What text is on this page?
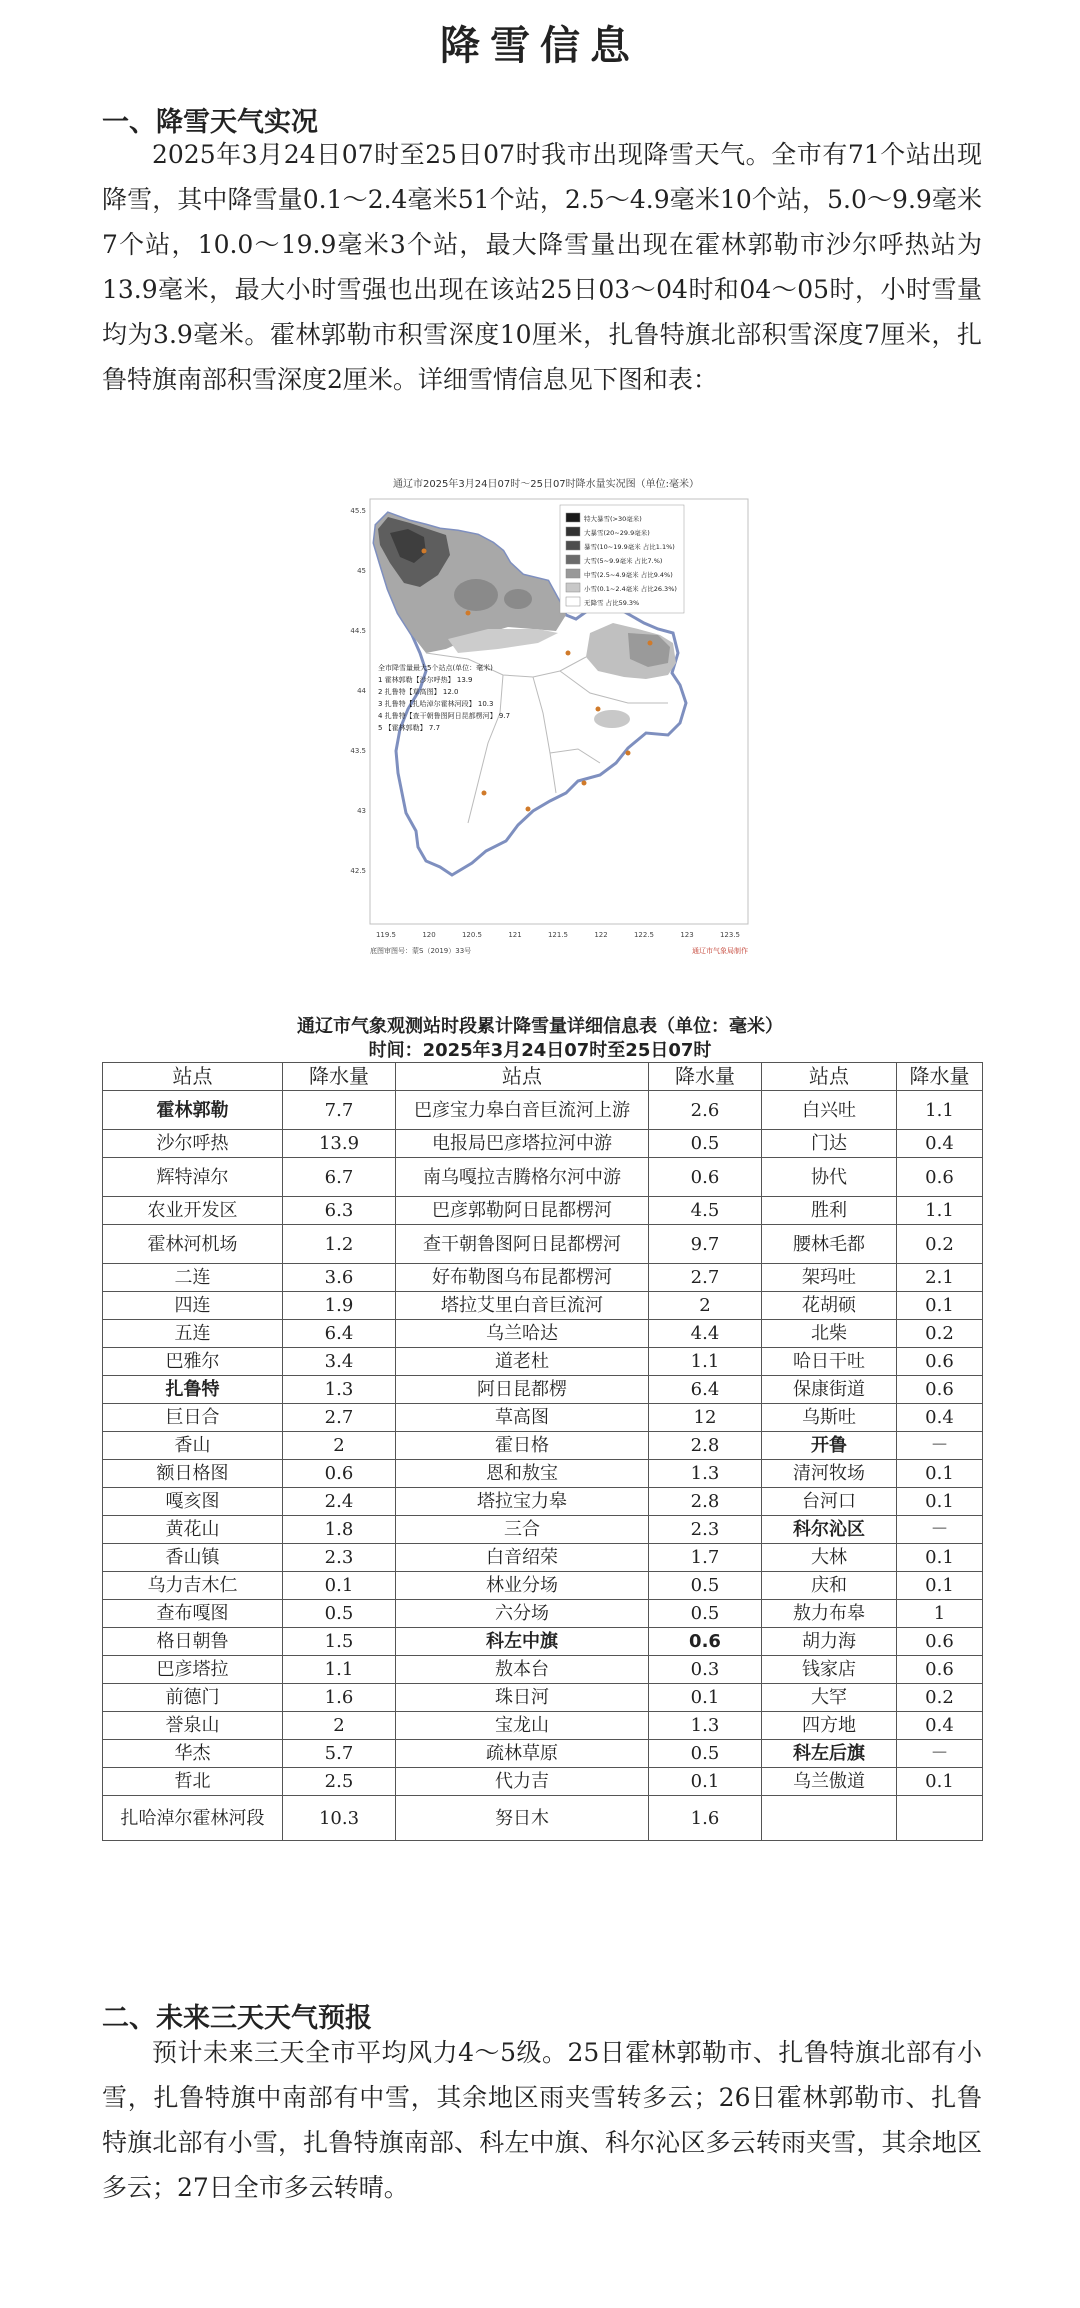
降雪信息
一、降雪天气实况
2025年3月24日07时至25日07时我市出现降雪天气。全市有71个站出现降雪，其中降雪量0.1～2.4毫米51个站，2.5～4.9毫米10个站，5.0～9.9毫米7个站，10.0～19.9毫米3个站，最大降雪量出现在霍林郭勒市沙尔呼热站为13.9毫米，最大小时雪强也出现在该站25日03～04时和04～05时，小时雪量均为3.9毫米。霍林郭勒市积雪深度10厘米，扎鲁特旗北部积雪深度7厘米，扎鲁特旗南部积雪深度2厘米。详细雪情信息见下图和表：
通辽市2025年3月24日07时～25日07时降水量实况图（单位:毫米）
特大暴雪(>30毫米)
大暴雪(20~29.9毫米)
暴雪(10~19.9毫米 占比1.1%)
大雪(5~9.9毫米 占比7.%)
中雪(2.5~4.9毫米 占比9.4%)
小雪(0.1~2.4毫米 占比26.3%)
无降雪 占比59.3%
全市降雪量最大5个站点(单位：毫米)
1 霍林郭勒【沙尔呼热】 13.9
2 扎鲁特【草高图】 12.0
3 扎鲁特【扎哈淖尔霍林河段】 10.3
4 扎鲁特【查干朝鲁图阿日昆都楞河】 9.7
5 【霍林郭勒】 7.7
45.5
45
44.5
44
43.5
43
42.5
119.5	120	120.5	121	121.5	122	122.5	123	123.5
底图审图号：蒙S（2019）33号	通辽市气象局制作
通辽市气象观测站时段累计降雪量详细信息表（单位：毫米）
时间：2025年3月24日07时至25日07时
站点	降水量	站点	降水量	站点	降水量
霍林郭勒	7.7	巴彦宝力皋白音巨流河上游	2.6	白兴吐	1.1
沙尔呼热	13.9	电报局巴彦塔拉河中游	0.5	门达	0.4
辉特淖尔	6.7	南乌嘎拉吉腾格尔河中游	0.6	协代	0.6
农业开发区	6.3	巴彦郭勒阿日昆都楞河	4.5	胜利	1.1
霍林河机场	1.2	查干朝鲁图阿日昆都楞河	9.7	腰林毛都	0.2
二连	3.6	好布勒图乌布昆都楞河	2.7	架玛吐	2.1
四连	1.9	塔拉艾里白音巨流河	2	花胡硕	0.1
五连	6.4	乌兰哈达	4.4	北柴	0.2
巴雅尔	3.4	道老杜	1.1	哈日干吐	0.6
扎鲁特	1.3	阿日昆都楞	6.4	保康街道	0.6
巨日合	2.7	草高图	12	乌斯吐	0.4
香山	2	霍日格	2.8	开鲁	－
额日格图	0.6	恩和敖宝	1.3	清河牧场	0.1
嘎亥图	2.4	塔拉宝力皋	2.8	台河口	0.1
黄花山	1.8	三合	2.3	科尔沁区	－
香山镇	2.3	白音绍荣	1.7	大林	0.1
乌力吉木仁	0.1	林业分场	0.5	庆和	0.1
查布嘎图	0.5	六分场	0.5	敖力布皋	1
格日朝鲁	1.5	科左中旗	0.6	胡力海	0.6
巴彦塔拉	1.1	敖本台	0.3	钱家店	0.6
前德门	1.6	珠日河	0.1	大罕	0.2
誉泉山	2	宝龙山	1.3	四方地	0.4
华杰	5.7	疏林草原	0.5	科左后旗	－
哲北	2.5	代力吉	0.1	乌兰傲道	0.1
扎哈淖尔霍林河段	10.3	努日木	1.6		
二、未来三天天气预报
预计未来三天全市平均风力4～5级。25日霍林郭勒市、扎鲁特旗北部有小雪，扎鲁特旗中南部有中雪，其余地区雨夹雪转多云；26日霍林郭勒市、扎鲁特旗北部有小雪，扎鲁特旗南部、科左中旗、科尔沁区多云转雨夹雪，其余地区多云；27日全市多云转晴。
